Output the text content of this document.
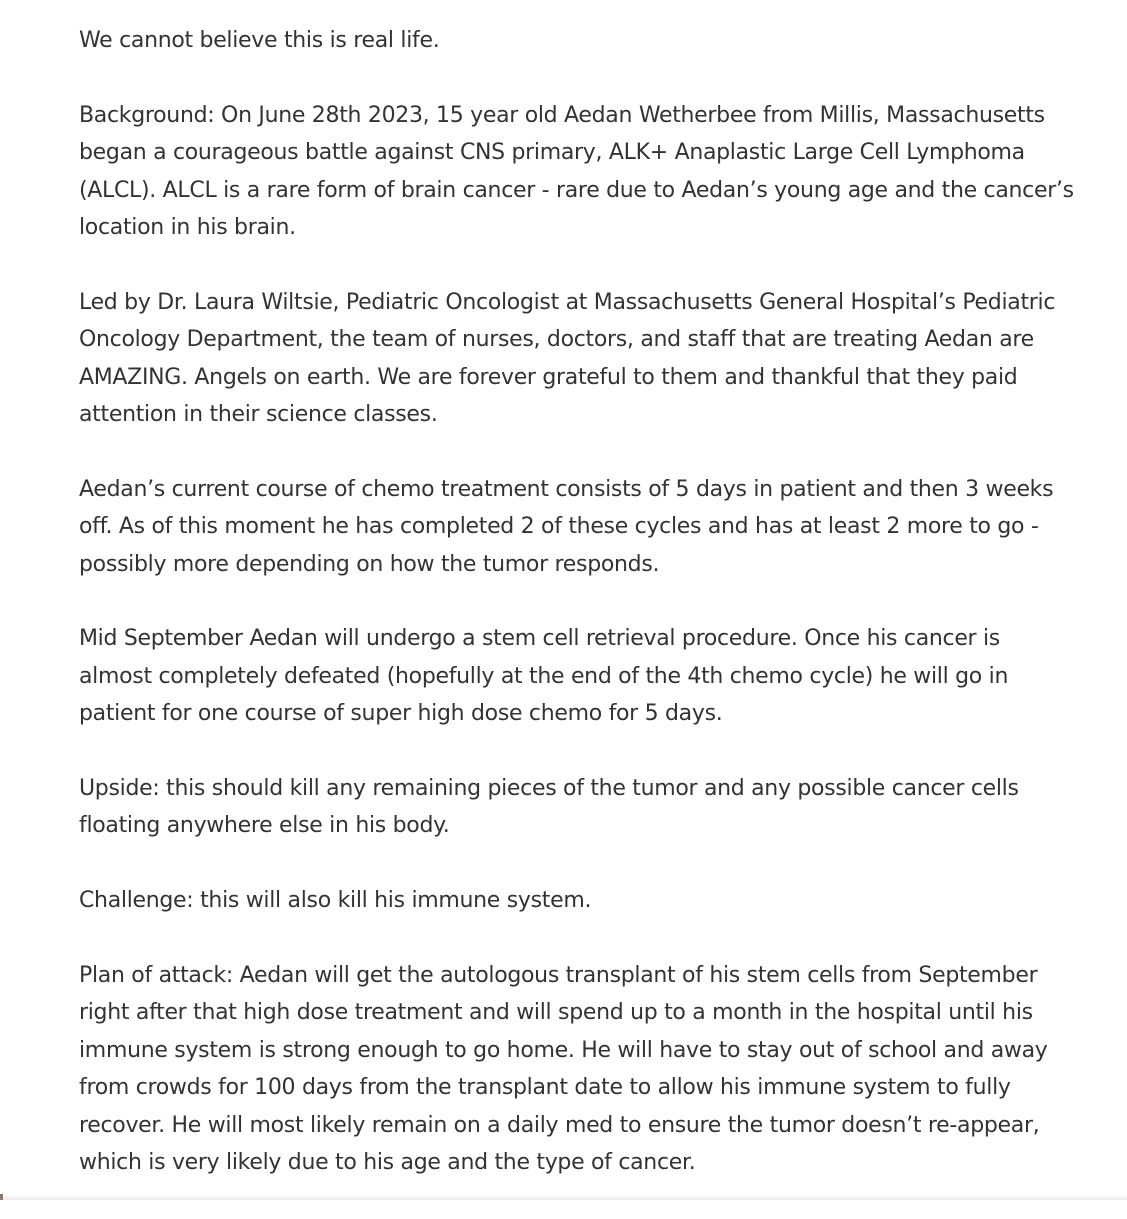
We cannot believe this is real life.

Background: On June 28th 2023, 15 year old Aedan Wetherbee from Millis, Massachusetts began a courageous battle against CNS primary, ALK+ Anaplastic Large Cell Lymphoma (ALCL). ALCL is a rare form of brain cancer - rare due to Aedan’s young age and the cancer’s location in his brain.

Led by Dr. Laura Wiltsie, Pediatric Oncologist at Massachusetts General Hospital’s Pediatric Oncology Department, the team of nurses, doctors, and staff that are treating Aedan are AMAZING. Angels on earth. We are forever grateful to them and thankful that they paid attention in their science classes.

Aedan’s current course of chemo treatment consists of 5 days in patient and then 3 weeks off. As of this moment he has completed 2 of these cycles and has at least 2 more to go - possibly more depending on how the tumor responds.

Mid September Aedan will undergo a stem cell retrieval procedure. Once his cancer is almost completely defeated (hopefully at the end of the 4th chemo cycle) he will go in patient for one course of super high dose chemo for 5 days.

Upside: this should kill any remaining pieces of the tumor and any possible cancer cells floating anywhere else in his body.

Challenge: this will also kill his immune system.

Plan of attack: Aedan will get the autologous transplant of his stem cells from September right after that high dose treatment and will spend up to a month in the hospital until his immune system is strong enough to go home. He will have to stay out of school and away from crowds for 100 days from the transplant date to allow his immune system to fully recover. He will most likely remain on a daily med to ensure the tumor doesn’t re-appear, which is very likely due to his age and the type of cancer.
